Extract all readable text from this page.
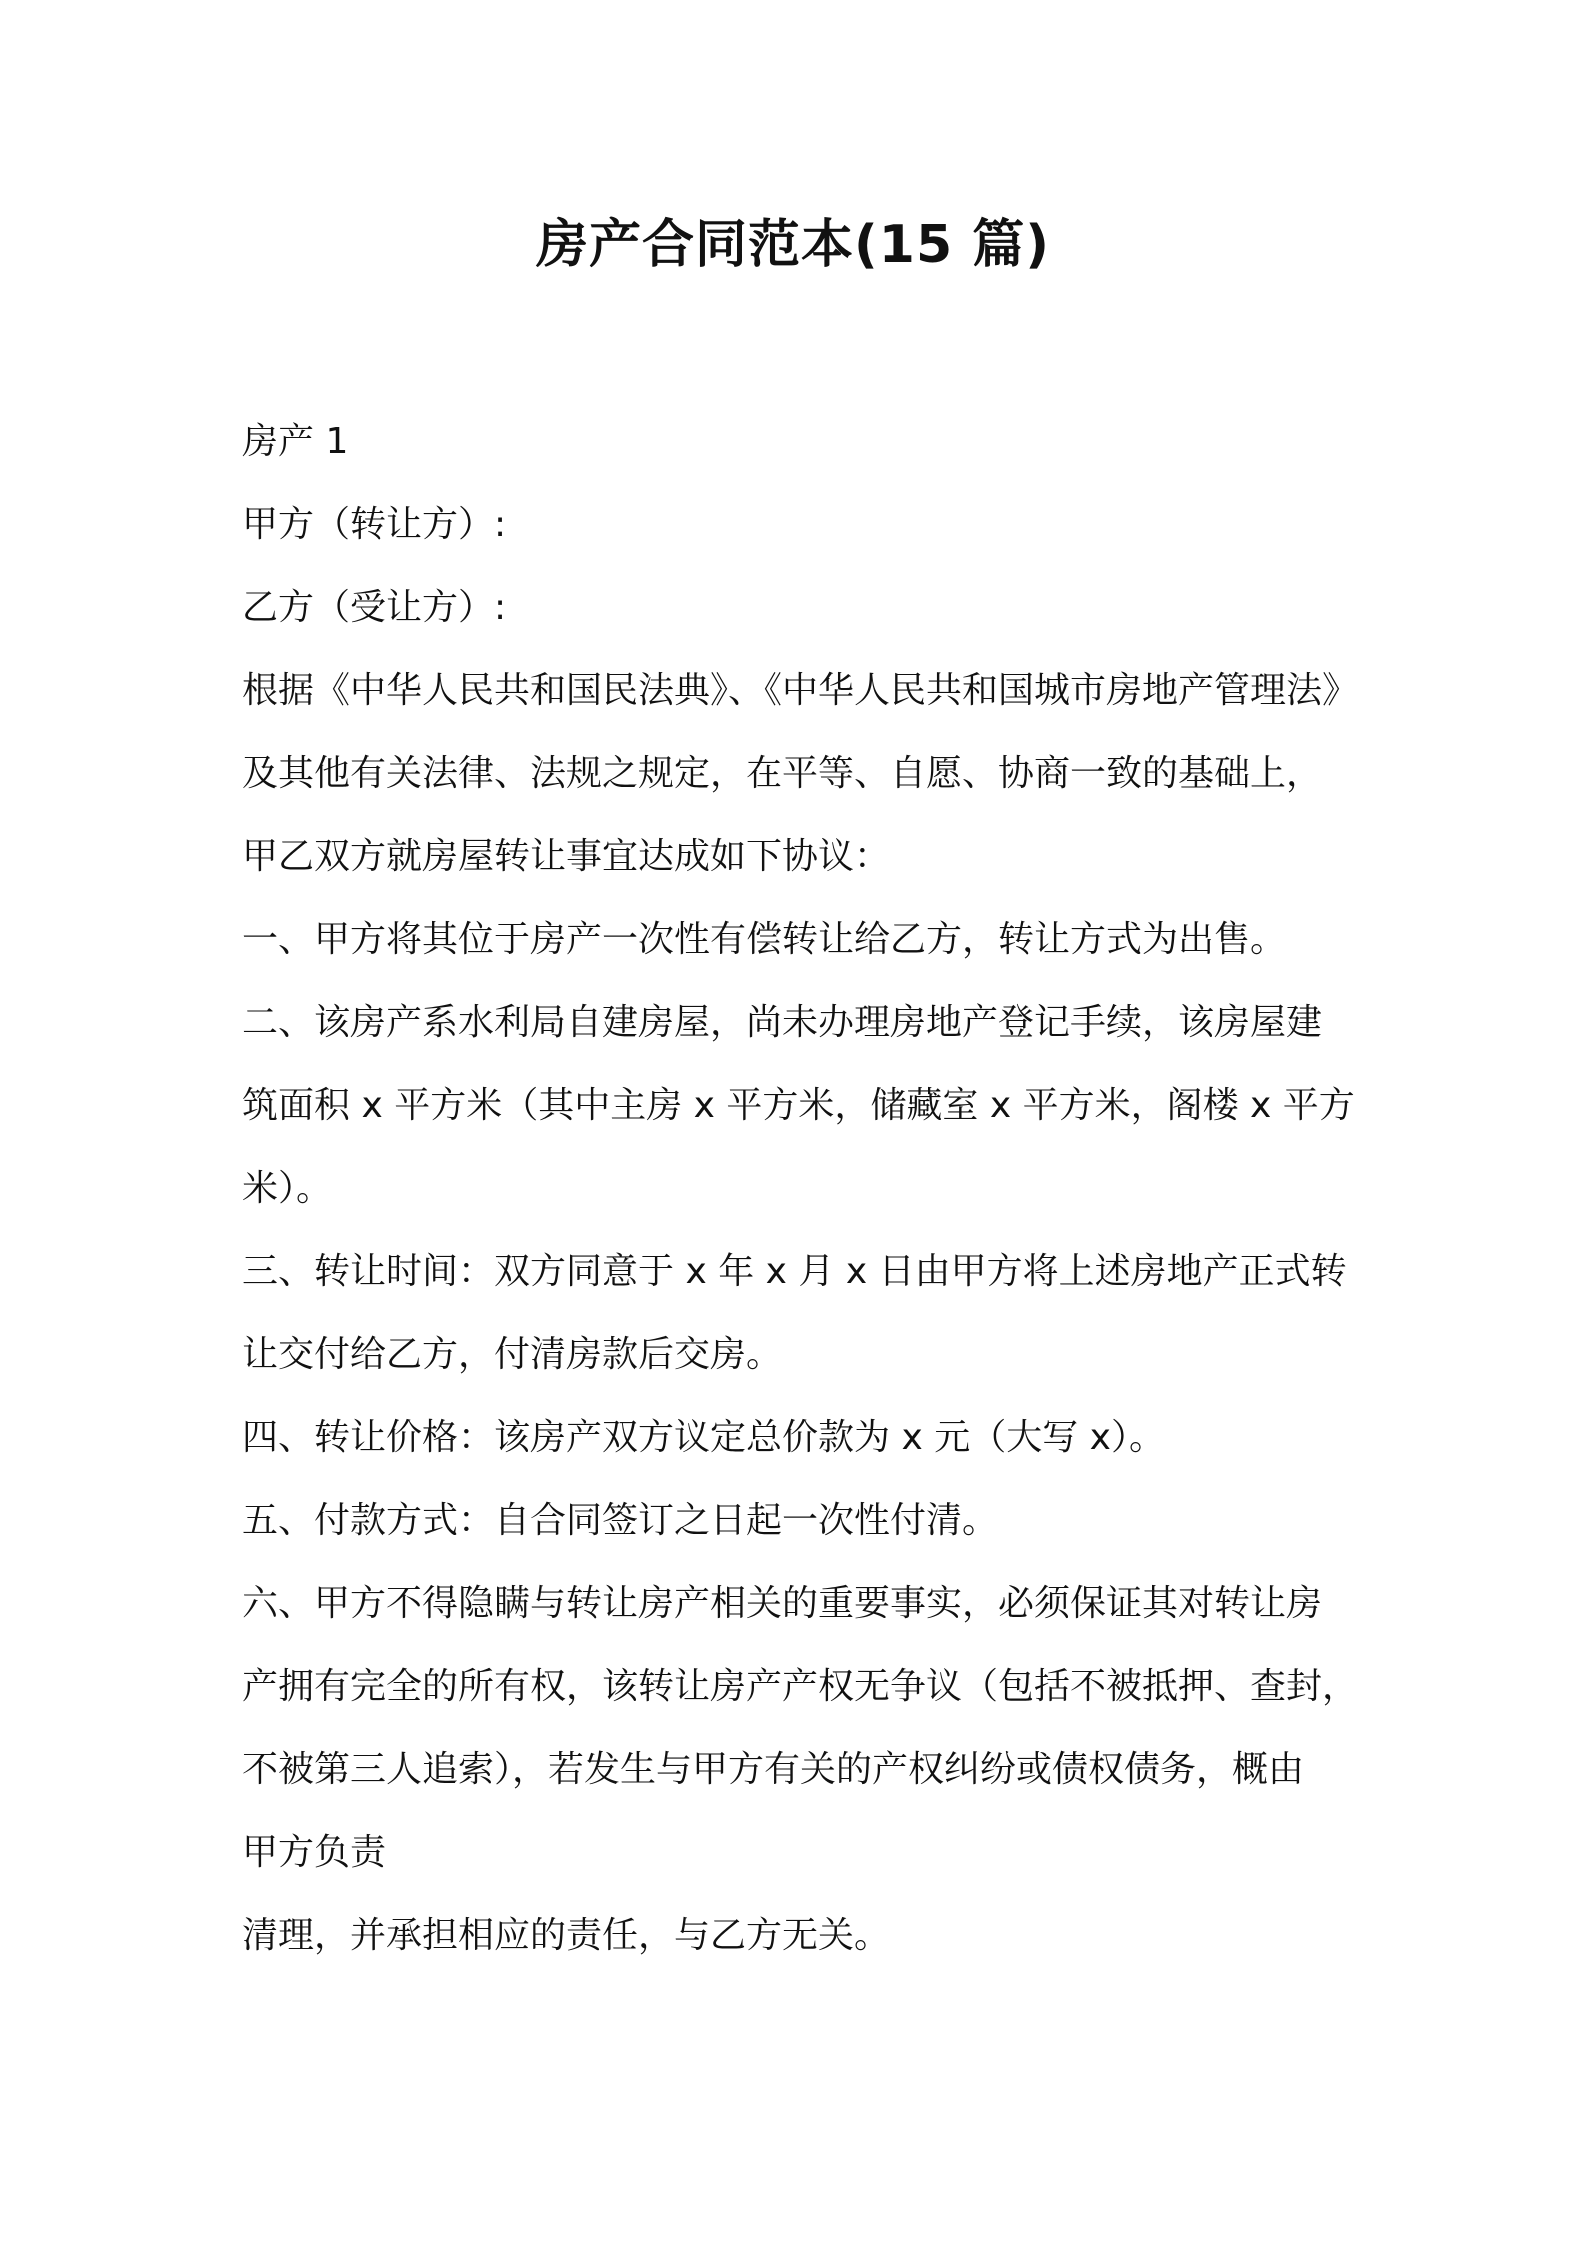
房产合同范本(15 篇)
房产 1
甲方（转让方）:
乙方（受让方）:
根据《中华人民共和国民法典》、《中华人民共和国城市房地产管理法》
及其他有关法律、法规之规定，在平等、自愿、协商一致的基础上，
甲乙双方就房屋转让事宜达成如下协议：
一、甲方将其位于房产一次性有偿转让给乙方，转让方式为出售。
二、该房产系水利局自建房屋，尚未办理房地产登记手续，该房屋建
筑面积 x 平方米（其中主房 x 平方米，储藏室 x 平方米，阁楼 x 平方
米）。
三、转让时间：双方同意于 x 年 x 月 x 日由甲方将上述房地产正式转
让交付给乙方，付清房款后交房。
四、转让价格：该房产双方议定总价款为 x 元（大写 x）。
五、付款方式：自合同签订之日起一次性付清。
六、甲方不得隐瞒与转让房产相关的重要事实，必须保证其对转让房
产拥有完全的所有权，该转让房产产权无争议（包括不被抵押、查封，
不被第三人追索），若发生与甲方有关的产权纠纷或债权债务，概由
甲方负责
清理，并承担相应的责任，与乙方无关。
